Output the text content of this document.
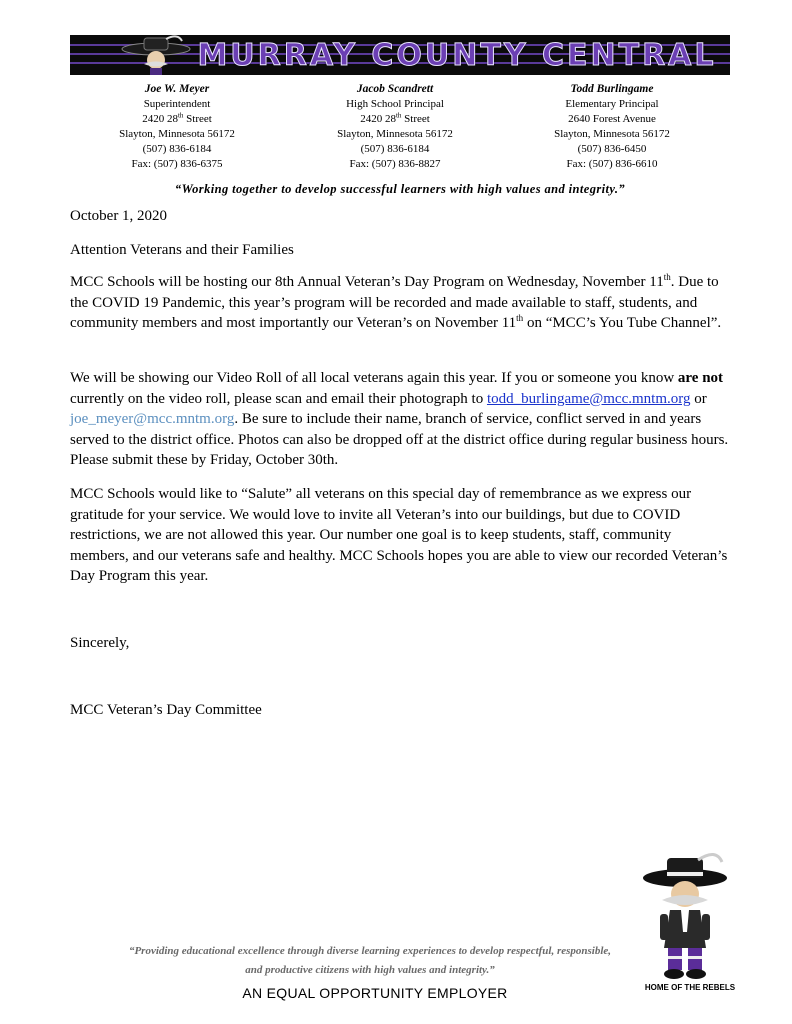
MURRAY COUNTY CENTRAL
Joe W. Meyer
Superintendent
2420 28th Street
Slayton, Minnesota 56172
(507) 836-6184
Fax: (507) 836-6375
Jacob Scandrett
High School Principal
2420 28th Street
Slayton, Minnesota 56172
(507) 836-6184
Fax: (507) 836-8827
Todd Burlingame
Elementary Principal
2640 Forest Avenue
Slayton, Minnesota 56172
(507) 836-6450
Fax: (507) 836-6610
“Working together to develop successful learners with high values and integrity.”
October 1, 2020
Attention Veterans and their Families
MCC Schools will be hosting our 8th Annual Veteran’s Day Program on Wednesday, November 11th. Due to the COVID 19 Pandemic, this year’s program will be recorded and made available to staff, students, and community members and most importantly our Veteran’s on November 11th on “MCC’s You Tube Channel”.
We will be showing our Video Roll of all local veterans again this year. If you or someone you know are not currently on the video roll, please scan and email their photograph to todd_burlingame@mcc.mntm.org or joe_meyer@mcc.mntm.org. Be sure to include their name, branch of service, conflict served in and years served to the district office. Photos can also be dropped off at the district office during regular business hours. Please submit these by Friday, October 30th.
MCC Schools would like to “Salute” all veterans on this special day of remembrance as we express our gratitude for your service. We would love to invite all Veteran’s into our buildings, but due to COVID restrictions, we are not allowed this year. Our number one goal is to keep students, staff, community members, and our veterans safe and healthy. MCC Schools hopes you are able to view our recorded Veteran’s Day Program this year.
Sincerely,
MCC Veteran’s Day Committee
“Providing educational excellence through diverse learning experiences to develop respectful, responsible, and productive citizens with high values and integrity.”
AN EQUAL OPPORTUNITY EMPLOYER	HOME OF THE REBELS
